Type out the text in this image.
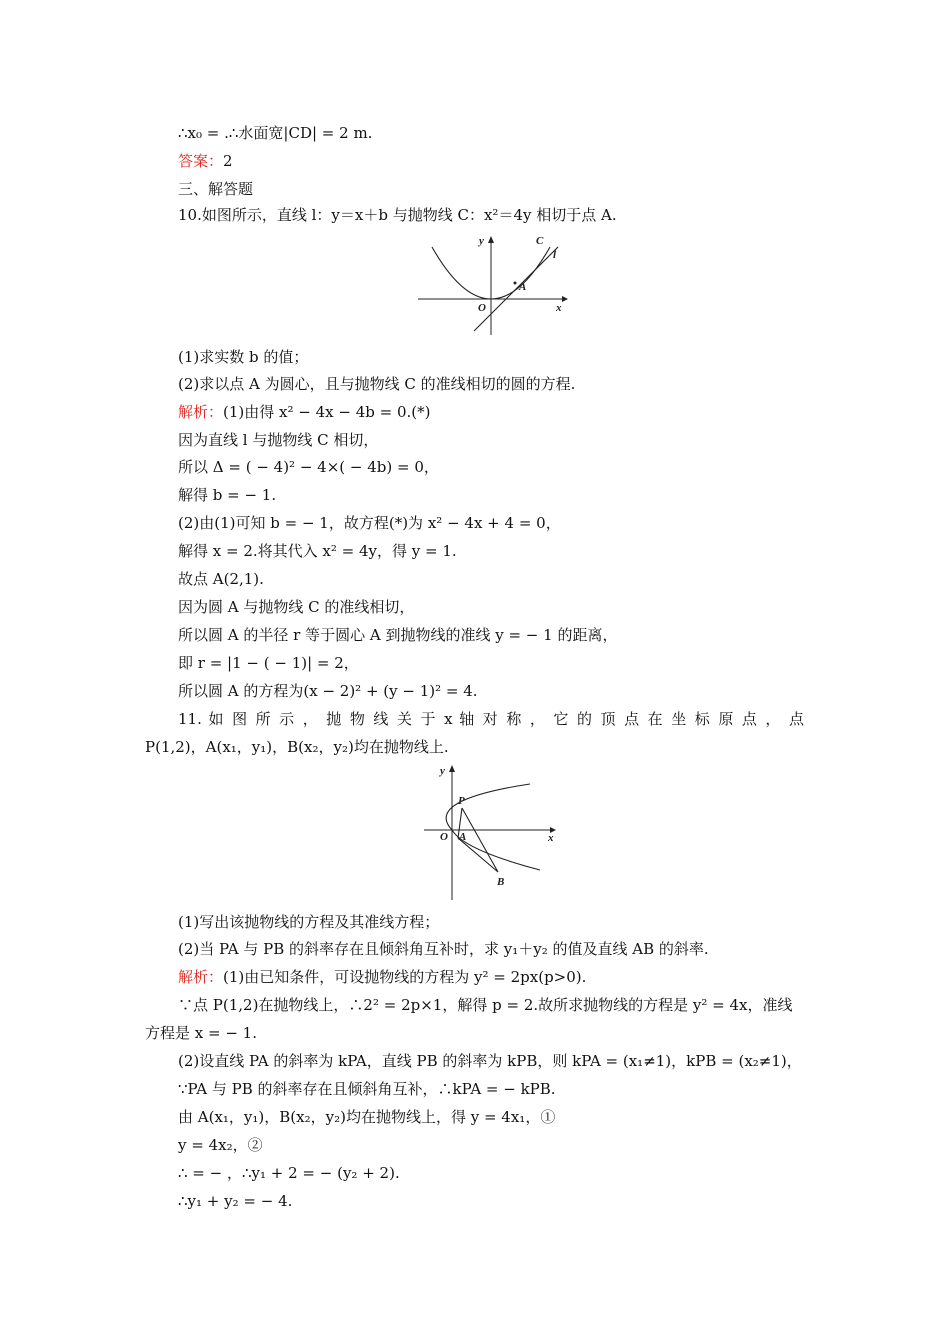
∴x₀ = .∴水面宽|CD| = 2 m.
答案：2
三、解答题
10.如图所示，直线 l：y＝x＋b 与抛物线 C：x²＝4y 相切于点 A.
y	C
l
A
O	x
(1)求实数 b 的值；
(2)求以点 A 为圆心，且与抛物线 C 的准线相切的圆的方程.
解析：(1)由得 x² − 4x − 4b = 0.(*)
因为直线 l 与抛物线 C 相切，
所以 Δ = ( − 4)² − 4×( − 4b) = 0，
解得 b = − 1.
(2)由(1)可知 b = − 1，故方程(*)为 x² − 4x + 4 = 0，
解得 x = 2.将其代入 x² = 4y，得 y = 1.
故点 A(2,1).
因为圆 A 与抛物线 C 的准线相切，
所以圆 A 的半径 r 等于圆心 A 到抛物线的准线 y = − 1 的距离，
即 r = |1 − ( − 1)| = 2，
所以圆 A 的方程为(x − 2)² + (y − 1)² = 4.
11. 如 图 所 示 ， 抛 物 线 关 于 x 轴 对 称 ， 它 的 顶 点 在 坐 标 原 点 ， 点
P(1,2)，A(x₁，y₁)，B(x₂，y₂)均在抛物线上.
y
P
O A	x
B
(1)写出该抛物线的方程及其准线方程；
(2)当 PA 与 PB 的斜率存在且倾斜角互补时，求 y₁＋y₂ 的值及直线 AB 的斜率.
解析：(1)由已知条件，可设抛物线的方程为 y² = 2px(p>0).
∵点 P(1,2)在抛物线上，∴2² = 2p×1，解得 p = 2.故所求抛物线的方程是 y² = 4x，准线
方程是 x = − 1.
(2)设直线 PA 的斜率为 kPA，直线 PB 的斜率为 kPB，则 kPA = (x₁≠1)，kPB = (x₂≠1)，
∵PA 与 PB 的斜率存在且倾斜角互补，∴kPA = − kPB.
由 A(x₁，y₁)，B(x₂，y₂)均在抛物线上，得 y = 4x₁，①
y = 4x₂，②
∴ = − ，∴y₁ + 2 = − (y₂ + 2).
∴y₁ + y₂ = − 4.
